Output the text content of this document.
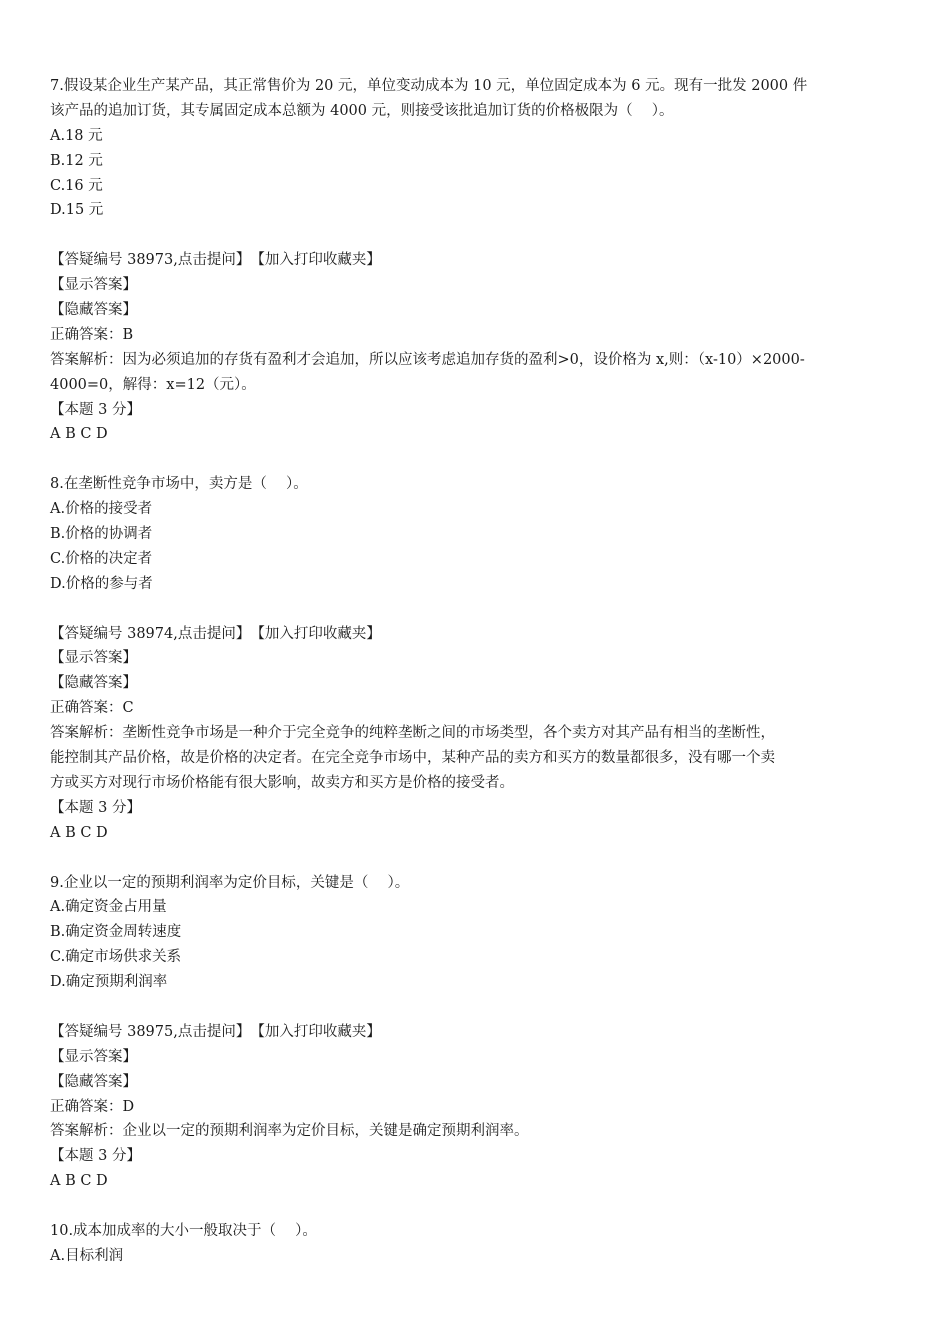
7.假设某企业生产某产品，其正常售价为 20 元，单位变动成本为 10 元，单位固定成本为 6 元。现有一批发 2000 件
该产品的追加订货，其专属固定成本总额为 4000 元，则接受该批追加订货的价格极限为（　 ）。
A.18 元
B.12 元
C.16 元
D.15 元
【答疑编号 38973,点击提问】　【加入打印收藏夹】
【显示答案】
【隐藏答案】
正确答案：B
答案解析：因为必须追加的存货有盈利才会追加，所以应该考虑追加存货的盈利>0，设价格为 x,则：（x-10）×2000-
4000=0，解得：x=12（元）。
【本题 3 分】
A B C D
8.在垄断性竞争市场中，卖方是（　 ）。
A.价格的接受者
B.价格的协调者
C.价格的决定者
D.价格的参与者
【答疑编号 38974,点击提问】　【加入打印收藏夹】
【显示答案】
【隐藏答案】
正确答案：C
答案解析：垄断性竞争市场是一种介于完全竞争的纯粹垄断之间的市场类型，各个卖方对其产品有相当的垄断性，
能控制其产品价格，故是价格的决定者。在完全竞争市场中，某种产品的卖方和买方的数量都很多，没有哪一个卖
方或买方对现行市场价格能有很大影响，故卖方和买方是价格的接受者。
【本题 3 分】
A B C D
9.企业以一定的预期利润率为定价目标，关键是（　 ）。
A.确定资金占用量
B.确定资金周转速度
C.确定市场供求关系
D.确定预期利润率
【答疑编号 38975,点击提问】　【加入打印收藏夹】
【显示答案】
【隐藏答案】
正确答案：D
答案解析：企业以一定的预期利润率为定价目标，关键是确定预期利润率。
【本题 3 分】
A B C D
10.成本加成率的大小一般取决于（　 ）。
A.目标利润
